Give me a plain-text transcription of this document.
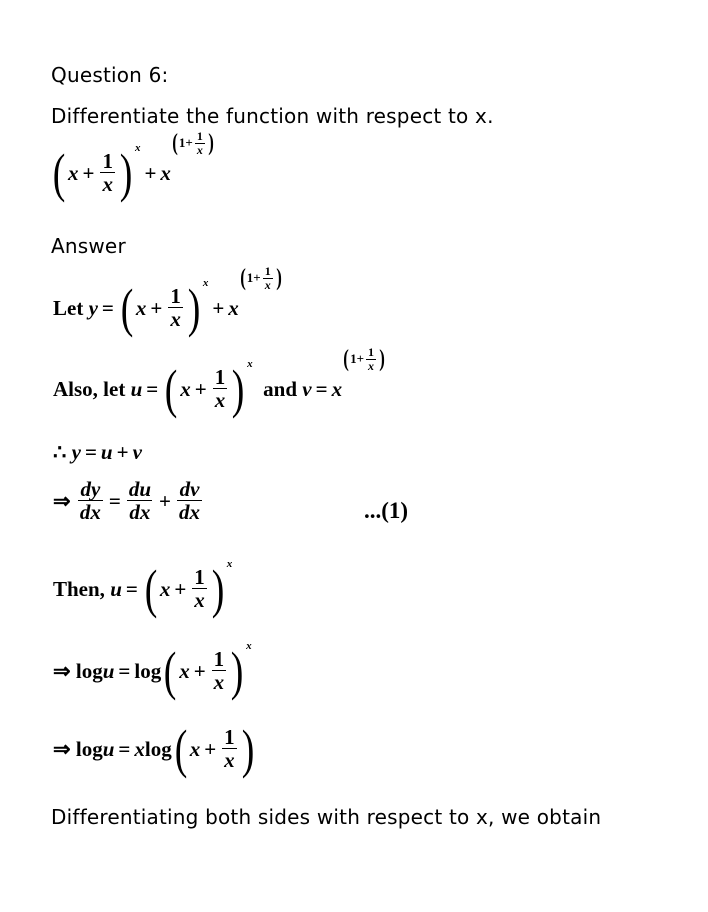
Question 6:
Differentiate the function with respect to x.
( $x + \frac{1}{x}$ ) x
+ x
( $1 + \frac{1}{x}$ )
Answer
Let
y = ( $x + \frac{1}{x}$ ) x
+ x
( $1 + \frac{1}{x}$ )
Also, let
u = ( $x + \frac{1}{x}$ ) x

and
v = x
( $1 + \frac{1}{x}$ )
∴
y = u + v
⇒
$\frac{dy}{dx} = \frac{du}{dx} + \frac{dv}{dx}$	...(1)
Then,
u = ( $x + \frac{1}{x}$ ) x
⇒
log u = log ( $x + \frac{1}{x}$ ) x
⇒
log u = x log ( $x + \frac{1}{x}$ )
Differentiating both sides with respect to x, we obtain
